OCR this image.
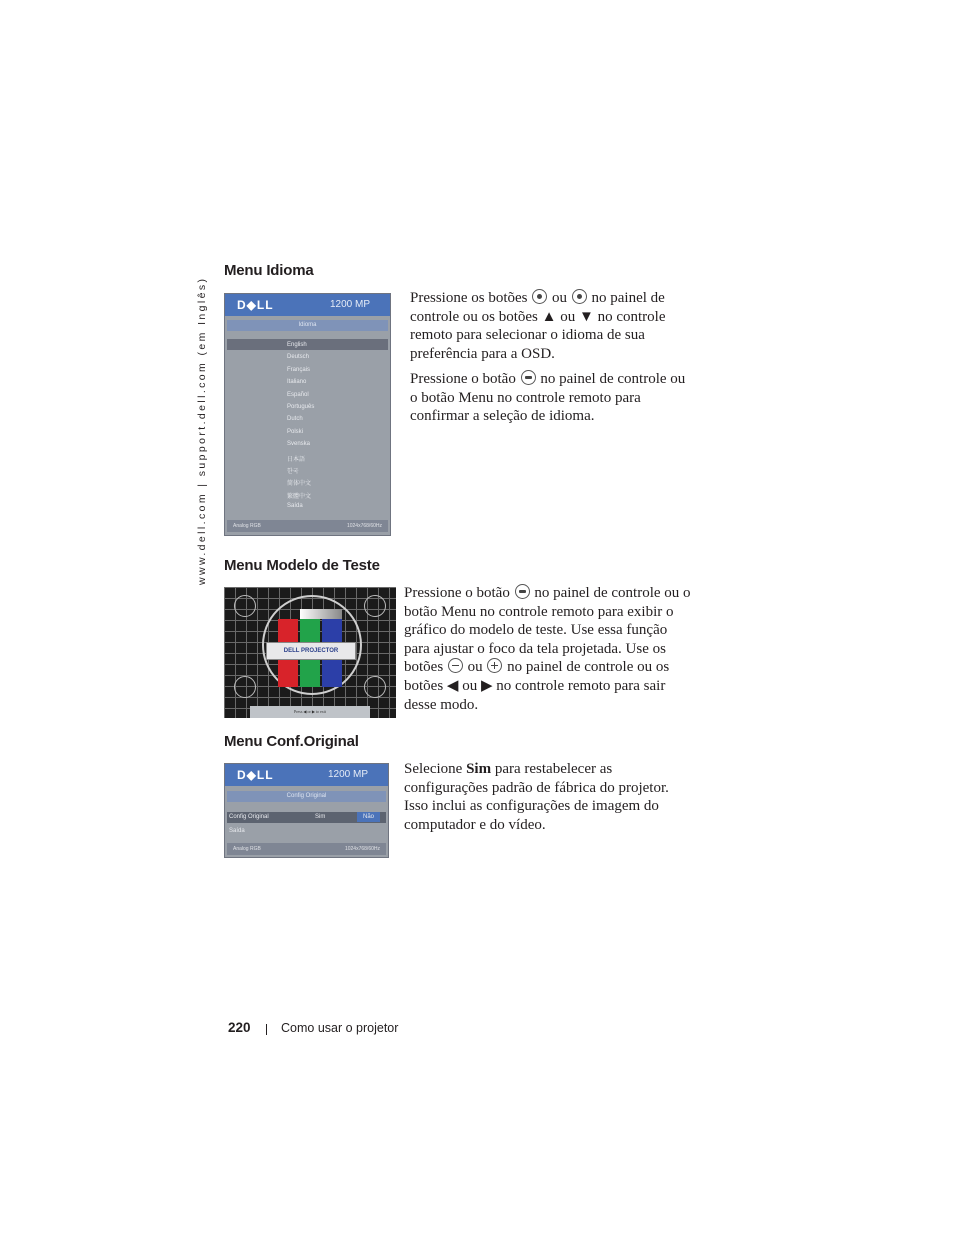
www.dell.com | support.dell.com (em Inglês)
Menu Idioma
D◆LL	1200 MP
Idioma
English
Deutsch
Français
Italiano
Español
Português
Dutch
Polski
Svenska
日本語
한국
简体中文
繁體中文
Saída
Analog RGB	1024x768/60Hz

Pressione os botões ou no painel de controle ou os botões ▲ ou ▼ no controle remoto para selecionar o idioma de sua preferência para a OSD.

Pressione o botão no painel de controle ou o botão Menu no controle remoto para confirmar a seleção de idioma.

Menu Modelo de Teste
DELL PROJECTOR
Press ◀ or ▶ to exit

Pressione o botão no painel de controle ou o botão Menu no controle remoto para exibir o gráfico do modelo de teste. Use essa função para ajustar o foco da tela projetada. Use os botões ou no painel de controle ou os botões ◀ ou ▶ no controle remoto para sair desse modo.

Menu Conf.Original
D◆LL	1200 MP
Config Original
Config Original	Sim	Não
Saída
Analog RGB	1024x768/60Hz

Selecione Sim para restabelecer as configurações padrão de fábrica do projetor. Isso inclui as configurações de imagem do computador e do vídeo.

220 Como usar o projetor
